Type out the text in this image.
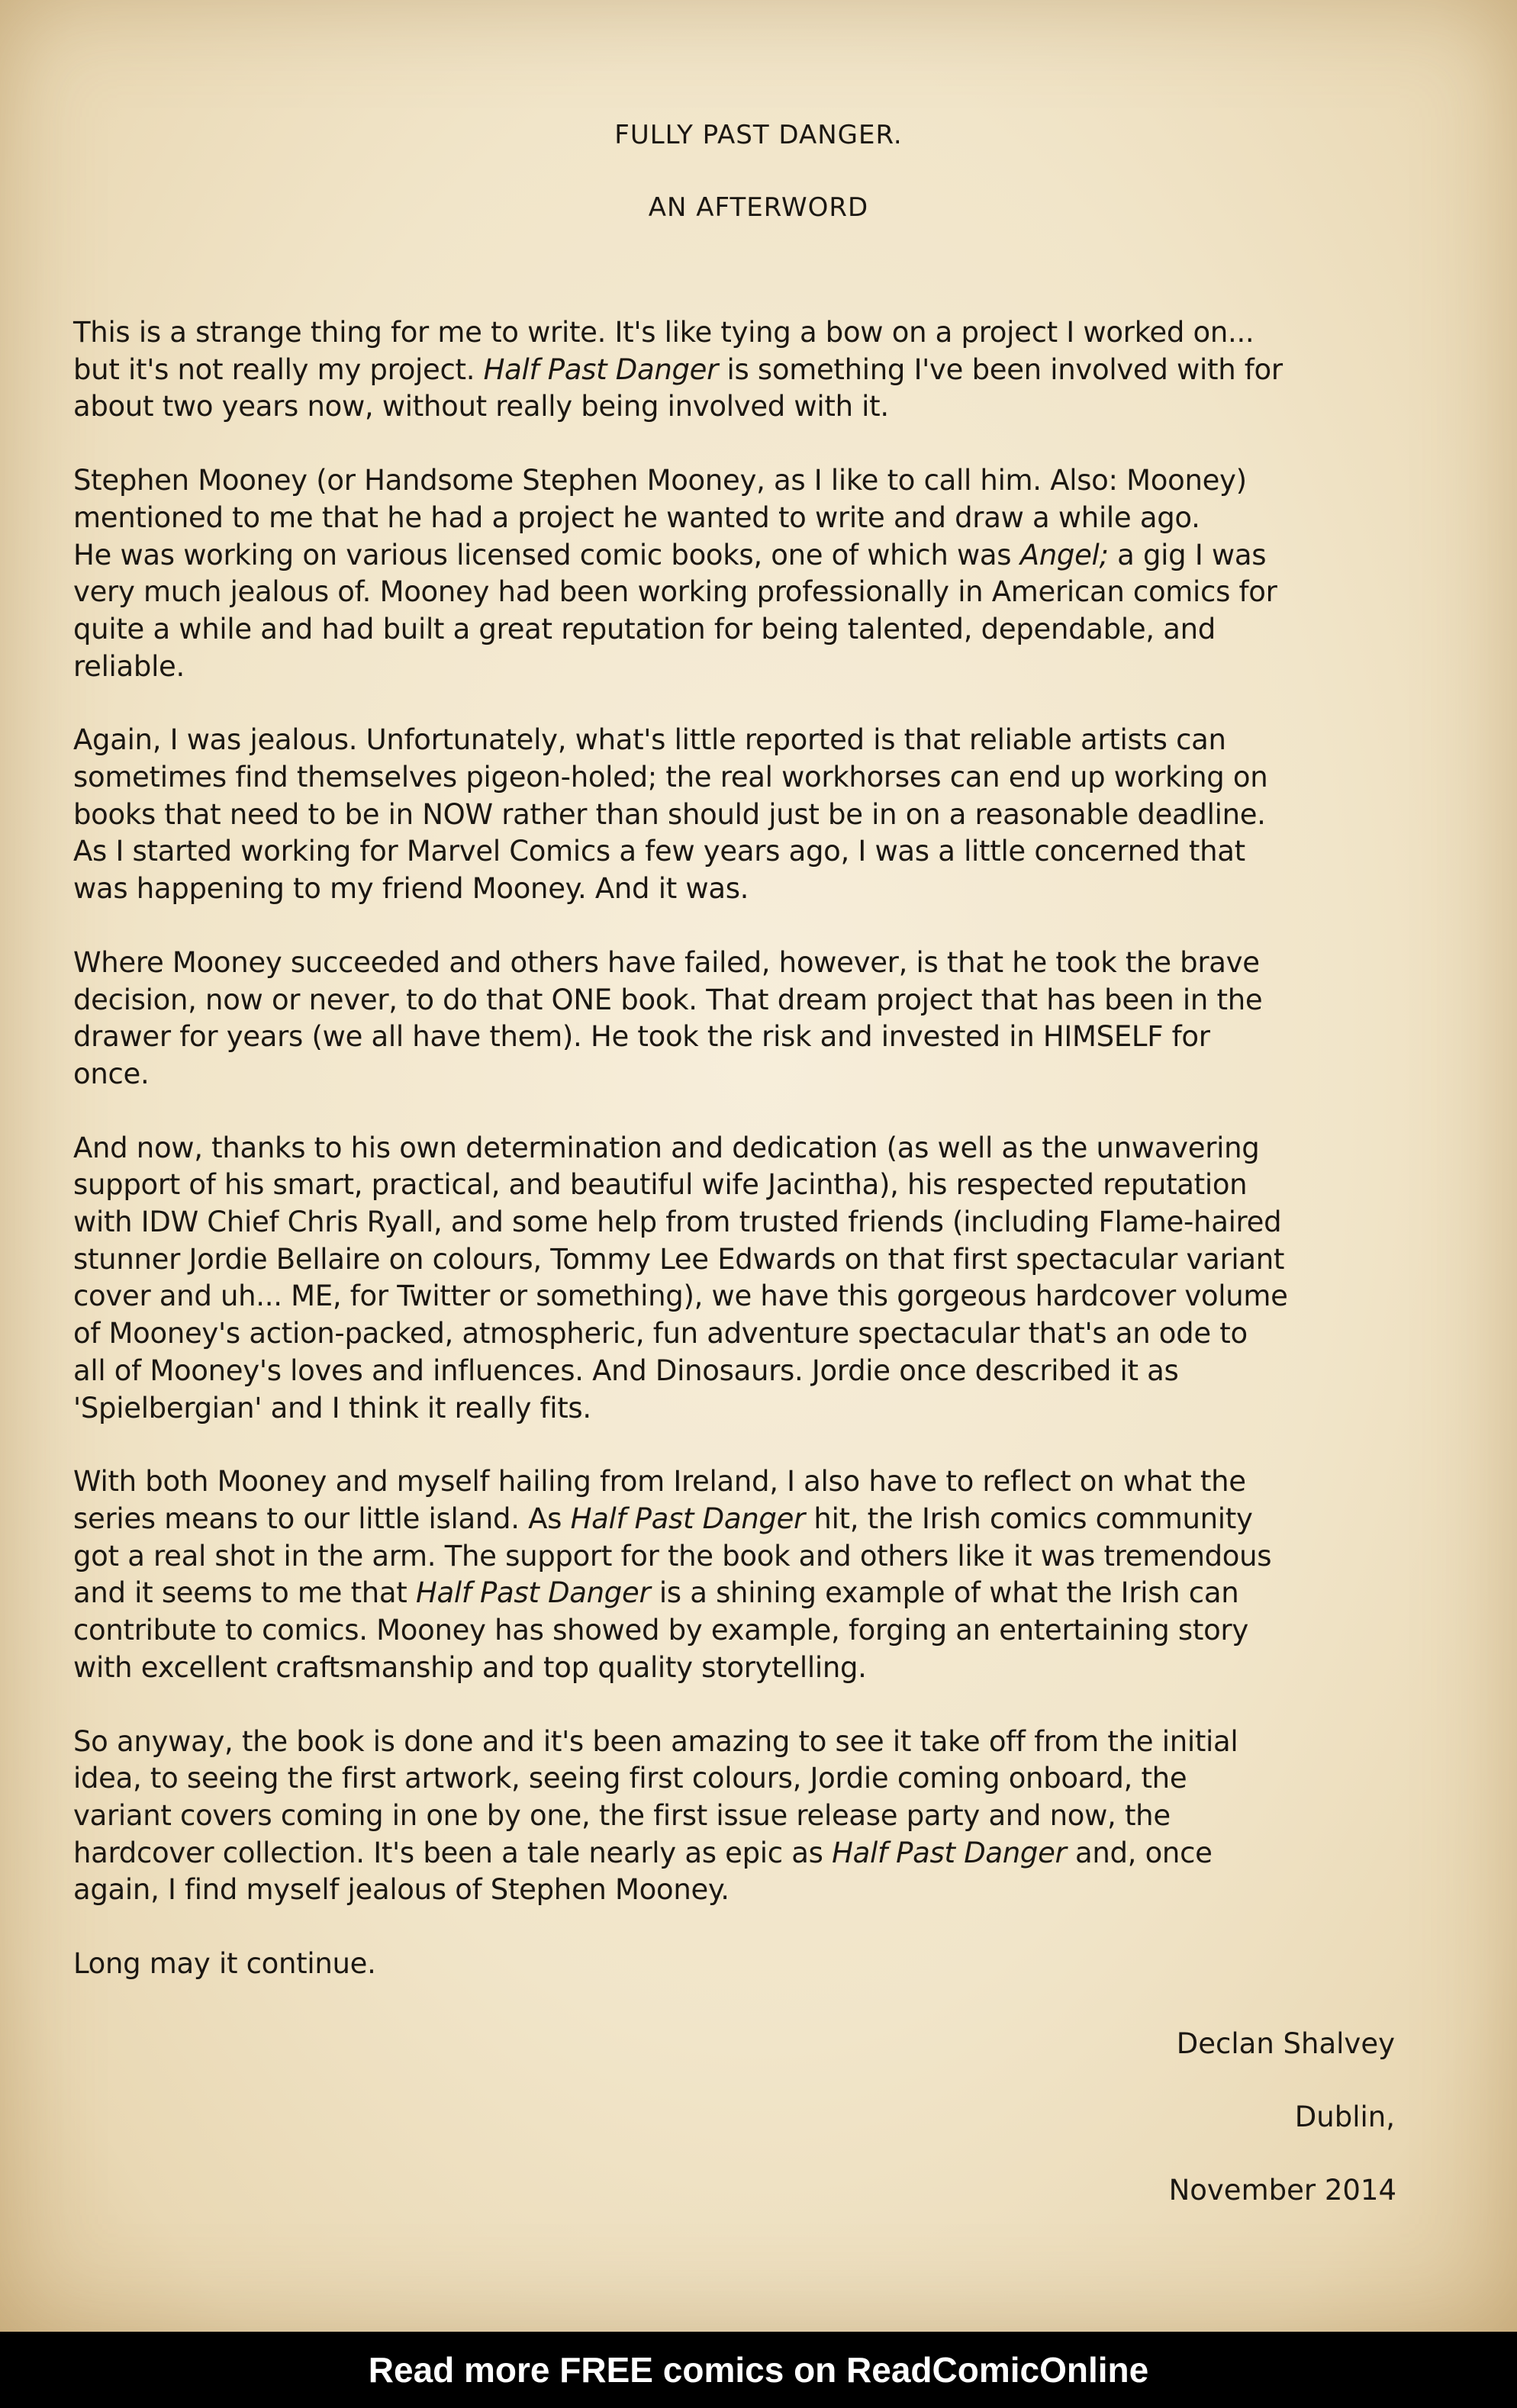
FULLY PAST DANGER.
AN AFTERWORD

This is a strange thing for me to write. It's like tying a bow on a project I worked on...
but it's not really my project. Half Past Danger is something I've been involved with for
about two years now, without really being involved with it.

Stephen Mooney (or Handsome Stephen Mooney, as I like to call him. Also: Mooney)
mentioned to me that he had a project he wanted to write and draw a while ago.
He was working on various licensed comic books, one of which was Angel; a gig I was
very much jealous of. Mooney had been working professionally in American comics for
quite a while and had built a great reputation for being talented, dependable, and
reliable.

Again, I was jealous. Unfortunately, what's little reported is that reliable artists can
sometimes find themselves pigeon-holed; the real workhorses can end up working on
books that need to be in NOW rather than should just be in on a reasonable deadline.
As I started working for Marvel Comics a few years ago, I was a little concerned that
was happening to my friend Mooney. And it was.

Where Mooney succeeded and others have failed, however, is that he took the brave
decision, now or never, to do that ONE book. That dream project that has been in the
drawer for years (we all have them). He took the risk and invested in HIMSELF for
once.

And now, thanks to his own determination and dedication (as well as the unwavering
support of his smart, practical, and beautiful wife Jacintha), his respected reputation
with IDW Chief Chris Ryall, and some help from trusted friends (including Flame-haired
stunner Jordie Bellaire on colours, Tommy Lee Edwards on that first spectacular variant
cover and uh... ME, for Twitter or something), we have this gorgeous hardcover volume
of Mooney's action-packed, atmospheric, fun adventure spectacular that's an ode to
all of Mooney's loves and influences. And Dinosaurs. Jordie once described it as
'Spielbergian' and I think it really fits.

With both Mooney and myself hailing from Ireland, I also have to reflect on what the
series means to our little island. As Half Past Danger hit, the Irish comics community
got a real shot in the arm. The support for the book and others like it was tremendous
and it seems to me that Half Past Danger is a shining example of what the Irish can
contribute to comics. Mooney has showed by example, forging an entertaining story
with excellent craftsmanship and top quality storytelling.

So anyway, the book is done and it's been amazing to see it take off from the initial
idea, to seeing the first artwork, seeing first colours, Jordie coming onboard, the
variant covers coming in one by one, the first issue release party and now, the
hardcover collection. It's been a tale nearly as epic as Half Past Danger and, once
again, I find myself jealous of Stephen Mooney.

Long may it continue.

Declan Shalvey
Dublin,
November 2014
Read more FREE comics on ReadComicOnline
